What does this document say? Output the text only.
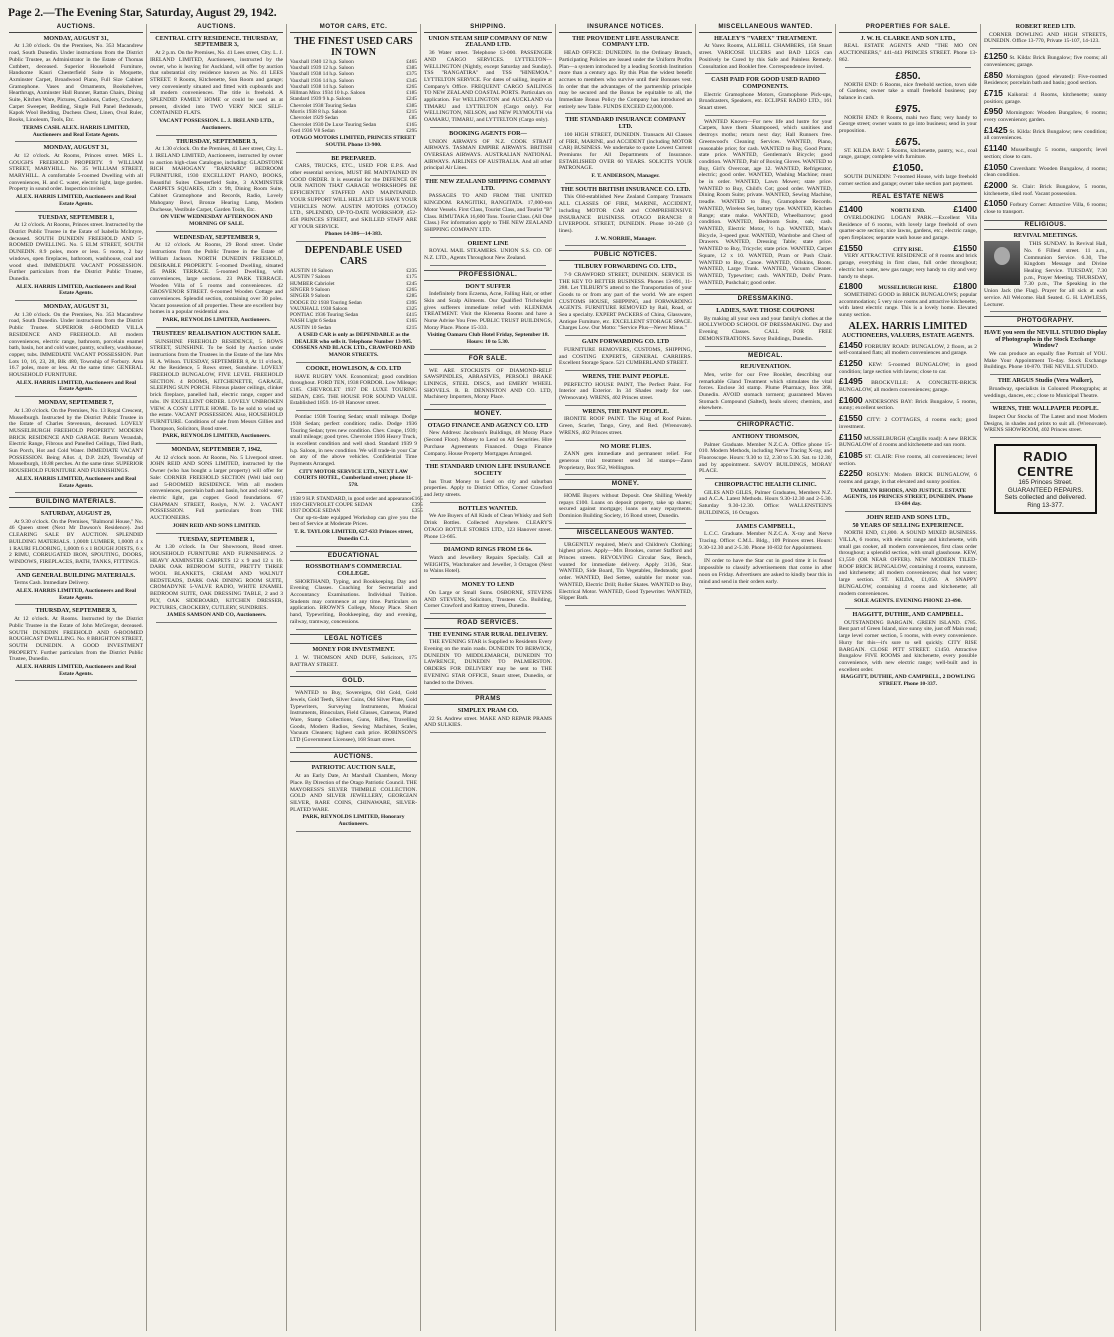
Page 2.—The Evening Star, Saturday, August 29, 1942.
AUCTIONS.
MONDAY, AUGUST 31,
At 1.30 o'clock. On the Premises, No. 353 Macandrew road, South Dunedin. Under instructions from the District Public Trustee, as Administrator in the Estate of Thomas Cuthbert, deceased. Superior Household Furniture, Handsome Kauri Chesterfield Suite in Moquette, Axminster Carpet, Broadwood Piano, Full Size Cabinet Gramophone. Vases and Ornaments, Bookshelves, Hearthrugs, Axminster Hall Runner, Rattan Chairs, Dining Suite, Kitchen Ware, Pictures, Cushions, Cutlery, Crockery, Carpet Sweeper, Bedding, Single Full Panel Bedsteads, Kapok Wool Bedding, Duchess Chest, Linen, Oval Ruler, Books, Linoleum, Tools, Etc.
TERMS CASH. ALEX. HARRIS LIMITED, Auctioneers and Real Estate Agents.
MONDAY, AUGUST 31,
At 12 o'clock. At Rooms, Princes street. MRS L. GOUGH'S FREEHOLD PROPERTY. 9 WILLIAM STREET, MARYHILL. No. 35 WILLIAM STREET, MARYHILL. A comfortable 5-roomed Dwelling with all conveniences, H. and C. water, electric light, large garden. Property in sound order. Inspection invited.
ALEX. HARRIS LIMITED, Auctioneers and Real Estate Agents.
TUESDAY, SEPTEMBER 1,
At 12 o'clock. At Rooms, Princes street. Instructed by the District Public Trustee in the Estate of Isabella McIntyre, deceased. SOUTH DUNEDIN FREEHOLD AND 5-ROOMED DWELLING. No. 5 ELM STREET, SOUTH DUNEDIN. 8.9 poles, more or less. 5 rooms, 2 bay windows, open fireplaces, bathroom, washhouse, coal and wood shed. IMMEDIATE VACANT POSSESSION. Further particulars from the District Public Trustee, Dunedin.
ALEX. HARRIS LIMITED, Auctioneers and Real Estate Agents.
MONDAY, AUGUST 31,
At 1.30 o'clock. On the Premises, No. 353 Macandrew road, South Dunedin. Under instructions from the District Public Trustee. SUPERIOR 4-ROOMED VILLA RESIDENCE AND FREEHOLD. All modern conveniences, electric range, bathroom, porcelain enamel bath, basin, hot and cold water, pantry, scullery, washhouse, copper, tubs. IMMEDIATE VACANT POSSESSION. Part Lots 10, 16, 23, 28, Blk 480, Township of Forbury. Area 16.7 poles, more or less. At the same time: GENERAL HOUSEHOLD FURNITURE.
ALEX. HARRIS LIMITED, Auctioneers and Real Estate Agents.
MONDAY, SEPTEMBER 7,
At 1.30 o'clock. On the Premises, No. 13 Royal Crescent, Musselburgh. Instructed by the District Public Trustee in the Estate of Charles Stevenson, deceased. LOVELY MUSSELBURGH FREEHOLD PROPERTY. MODERN BRICK RESIDENCE AND GARAGE. Return Verandah, Electric Range, Fibrous and Panelled Ceilings, Tiled Bath, Sun Porch, Hot and Cold Water. IMMEDIATE VACANT POSSESSION. Being Allot. 4, D.P. 2429, Township of Musselburgh, 10.88 perches. At the same time: SUPERIOR HOUSEHOLD FURNITURE AND FURNISHINGS.
ALEX. HARRIS LIMITED, Auctioneers and Real Estate Agents.
BUILDING MATERIALS.
SATURDAY, AUGUST 29,
At 9.30 o'clock. On the Premises, "Balmoral House," No. 46 Queen street (Next Mr Dawson's Residence). 2nd CLEARING SALE BY AUCTION. SPLENDID BUILDING MATERIALS. 1,000ft LUMBER, 1,000ft 4 x 1 RAURI FLOORING, 1,000ft 6 x 1 ROUGH JOISTS, 6 x 2 RIMU, CORRUGATED IRON, SPOUTING, DOORS, WINDOWS, FIREPLACES, BATH, TANKS, FITTINGS.
AND GENERAL BUILDING MATERIALS.
Terms Cash. Immediate Delivery.
ALEX. HARRIS LIMITED, Auctioneers and Real Estate Agents.
THURSDAY, SEPTEMBER 3,
At 12 o'clock. At Rooms. Instructed by the District Public Trustee in the Estate of John McGregor, deceased. SOUTH DUNEDIN FREEHOLD AND 6-ROOMED ROUGHCAST DWELLING. No. 8 BRIGHTON STREET, SOUTH DUNEDIN. A GOOD INVESTMENT PROPERTY. Further particulars from the District Public Trustee, Dunedin.
ALEX. HARRIS LIMITED, Auctioneers and Real Estate Agents.
AUCTIONS.
CENTRAL CITY RESIDENCE. THURSDAY, SEPTEMBER 3,
At 2 p.m. On the Premises, No. 41 Lees street, City. L. J. IRELAND LIMITED, Auctioneers, instructed by the owner, who is leaving for Auckland, will offer by auction that substantial city residence known as No. 41 LEES STREET. 8 Rooms, Kitchenette, Sun Room and garage; very conveniently situated and fitted with cupboards and all modern conveniences. The title is freehold. A SPLENDID FAMILY HOME or could be used as at present, divided into TWO VERY NICE SELF-CONTAINED FLATS.
VACANT POSSESSION. L. J. IRELAND LTD., Auctioneers.
THURSDAY, SEPTEMBER 3,
At 1.30 o'clock. On the Premises, 41 Leer street, City. L. J. IRELAND LIMITED, Auctioneers, instructed by owner to auction high-class Catalogue, including: GLADSTONE RICH MAHOGANY "BARNARD" BEDROOM FURNITURE, 1930 EXCELLENT PIANO, BOOKS, Beautiful Suites Chesterfield Suite, 3 AXMINSTER CARPETS SQUARES, 12ft x 9ft, Dining Room Suite, Cabinet Gramophone and Records, Radio, Lovely Mahogany Bowl, Bronze Hearing Lamp, Modern Duchesse, Vestibule Carpet, Garden Tools, Etc.
ON VIEW WEDNESDAY AFTERNOON AND MORNING OF SALE.
WEDNESDAY, SEPTEMBER 9,
At 12 o'clock. At Rooms, 29 Bond street. Under instructions from the Public Trustee in the Estate of William Jackson. NORTH DUNEDIN FREEHOLD, DESIRABLE PROPERTY. 5-roomed Dwelling, situated 45 PARK TERRACE. 5-roomed Dwelling, with conveniences, large sections. 23 PARK TERRACE. Wooden Villa of 5 rooms and conveniences. 42 GROSVENOR STREET. 6-roomed Wooden Cottage and conveniences. Splendid section, containing over 30 poles. Vacant possession of all properties. These are excellent buy homes in a popular residential area.
PARK, REYNOLDS LIMITED, Auctioneers.
TRUSTEES' REALISATION AUCTION SALE.
SUNSHINE FREEHOLD RESIDENCE, 5 ROWS STREET, SUNSHINE. To be Sold by Auction under instructions from the Trustees in the Estate of the late Mrs H. A. Wilson. TUESDAY, SEPTEMBER 8, At 11 o'clock, At the Residence, 5 Rows street, Sunshine. LOVELY FREEHOLD BUNGALOW, FIVE LEVEL FREEHOLD SECTION. 4 ROOMS, KITCHENETTE, GARAGE, SLEEPING SUN PORCH. Fibrous plaster ceilings, clinker brick fireplace, panelled hall, electric range, copper and tubs. IN EXCELLENT ORDER. LOVELY UNBROKEN VIEW. A COSY LITTLE HOME. To be sold to wind up the estate. VACANT POSSESSION. Also, HOUSEHOLD FURNITURE. Conditions of sale from Messrs Gillies and Thompson, Solicitors, Bond street.
PARK, REYNOLDS LIMITED, Auctioneers.
MONDAY, SEPTEMBER 7, 1942,
At 12 o'clock noon. At Rooms, No. 5 Liverpool street. JOHN REID AND SONS LIMITED, instructed by the Owner (who has bought a larger property) will offer for Sale: CORNER FREEHOLD SECTION (Well laid out) and 5-ROOMED RESIDENCE. With all modern conveniences, porcelain bath and basin, hot and cold water, electric light, gas copper. Good foundations. 67 CHAPMAN STREET, Roslyn, N.W. 2. VACANT POSSESSION. Full particulars from THE AUCTIONEERS.
JOHN REID AND SONS LIMITED.
TUESDAY, SEPTEMBER 1,
At 1.30 o'clock. In Our Showroom, Bond street. HOUSEHOLD FURNITURE AND FURNISHINGS. 2 HEAVY AXMINSTER CARPETS 12 x 9 and 12 x 10. DARK OAK BEDROOM SUITE, PRETTY THREE WOOL BLANKETS, CREAM AND WALNUT BEDSTEADS, DARK OAK DINING ROOM SUITE, CROMADYNE 5-VALVE RADIO, WHITE ENAMEL BEDROOM SUITE, OAK DRESSING TABLE, 2 and 3 PLY, OAK SIDEBOARD, KITCHEN DRESSER, PICTURES, CROCKERY, CUTLERY, SUNDRIES.
JAMES SAMSON AND CO, Auctioneers.
MOTOR CARS, ETC.
THE FINEST USED CARS IN TOWN
Vauxhall 1940 12 h.p. Saloon	£465
Vauxhall 1939 12 h.p. Saloon	£385
Vauxhall 1938 14 h.p. Saloon	£375
Vauxhall 1936 14 h.p. Saloon	£345
Vauxhall 1938 14 h.p. Saloon	£265
Hillman Minx 1934 10 h.p. Saloon	£185
Standard 1939 9 h.p. Saloon	£245
Chevrolet 1938 Touring Sedan	£385
Morris 1938 8 h.p. Saloon	£215
Chevrolet 1929 Sedan	£85
Chevrolet 1930 De Luxe Touring Sedan	£165
Ford 1936 V8 Sedan	£295
OTAGO MOTORS LIMITED, PRINCES STREET SOUTH. Phone 13-900.
BE PREPARED.
CARS, TRUCKS, ETC., USED FOR E.P.S. And other essential services, MUST BE MAINTAINED IN GOOD ORDER. It is essential for the DEFENCE OF OUR NATION THAT GARAGE WORKSHOPS BE EFFICIENTLY STAFFED AND MAINTAINED. YOUR SUPPORT WILL HELP. LET US HAVE YOUR VEHICLES NOW. AUSTIN MOTORS (OTAGO) LTD., SPLENDID, UP-TO-DATE WORKSHOP, 452-458 PRINCES STREET, and SKILLED STAFF ARE AT YOUR SERVICE.
Phones 14-386—14-383.
DEPENDABLE USED CARS
AUSTIN 10 Saloon	£235
AUSTIN 7 Saloon	£175
HUMBER Cabriolet	£245
SINGER 9 Saloon	£265
SINGER 9 Saloon	£285
DODGE D2 1938 Touring Sedan	£395
VAUXHALL 1938 Saloon	£325
PONTIAC 1936 Touring Sedan	£415
NASH Light 6 Sedan	£165
AUSTIN 10 Sedan	£215
A USED CAR is only as DEPENDABLE as the DEALER who sells it. Telephone Number 13-905. COSSENS AND BLACK LTD., CRAWFORD AND MANOR STREETS.
COOKE, HOWLISON, & CO. LTD
HAVE RUGBY VAN. Economical; good condition throughout. FORD TEN, 1938 FORDOR. Low Mileage; £185. CHEVROLET 1937 DE LUXE TOURING SEDAN, £385. THE HOUSE FOR SOUND VALUE. Established 1859. 16-18 Hanover street.
Pontiac 1938 Touring Sedan; small mileage. Dodge 1938 Sedan; perfect condition; radio. Dodge 1936 Touring Sedan; tyres new condition. Chev. Coupe, 1939; small mileage; good tyres. Chevrolet 1936 Heavy Truck, in excellent condition and well shod. Standard 1939 9 h.p. Saloon, in new condition. We will trade-in your Car on any of the above vehicles. Confidential Time Payments Arranged.
CITY MOTOR SERVICE LTD., NEXT LAW COURTS HOTEL, Cumberland street; phone 11-578.
1938 9 H.P. STANDARD, in good order and appearance	£165
1939 CHEVROLET COUPE SEDAN	£395
1937 DODGE SEDAN	£355
Our up-to-date equipped Workshop can give you the best of Service at Moderate Prices.
T. R. TAYLOR LIMITED, 627-633 Princes street, Dunedin C.1.
EDUCATIONAL
ROSSBOTHAM'S COMMERCIAL COLLEGE.
SHORTHAND, Typing, and Bookkeeping. Day and Evening Classes. Coaching for Secretarial and Accountancy Examinations. Individual Tuition. Students may commence at any time. Particulars on application. BROWN'S College, Moray Place. Short hand, Typewriting, Bookkeeping, day and evening, railway, tramway, concessions.
LEGAL NOTICES
MONEY FOR INVESTMENT.
J. W. THOMSON AND DUFF, Solicitors, 175 RATTRAY STREET.
GOLD.
WANTED to Buy, Sovereigns, Old Gold, Gold Jewels, Gold Teeth, Silver Coins, Old Silver Plate, Gold Typewriters, Surveying Instruments, Musical Instruments, Binoculars, Field Glasses, Cameras, Plated Ware, Stamp Collections, Guns, Rifles, Travelling Goods, Modern Radios, Sewing Machines, Scales, Vacuum Cleaners; highest cash price. ROBINSON'S LTD (Government Licensee), 168 Stuart street.
AUCTIONS.
PATRIOTIC AUCTION SALE,
At an Early Date, At Marshall Chambers, Moray Place. By Direction of the Otago Patriotic Council. THE MAYORESS'S SILVER THIMBLE COLLECTION. GOLD AND SILVER JEWELLERY, GEORGIAN SILVER, RARE COINS, CHINAWARE, SILVER-PLATED WARE.
PARK, REYNOLDS LIMITED, Honorary Auctioneers.
SHIPPING.
UNION STEAM SHIP COMPANY OF NEW ZEALAND LTD.
36 Water street. Telephone 13-000. PASSENGER AND CARGO SERVICES. LYTTELTON—WELLINGTON (Nightly, except Saturday and Sunday). TSS "RANGATIRA" and TSS "HINEMOA." LYTTELTON SERVICE. For dates of sailing, inquire at Company's Office. FREQUENT CARGO SAILINGS TO NEW ZEALAND COASTAL PORTS. Particulars on application. For WELLINGTON and AUCKLAND via TIMARU and LYTTELTON (Cargo only). For WELLINGTON, NELSON, and NEW PLYMOUTH via OAMARU, TIMARU, and LYTTELTON (Cargo only).
BOOKING AGENTS FOR—
UNION AIRWAYS OF N.Z. COOK STRAIT AIRWAYS. TASMAN EMPIRE AIRWAYS. BRITISH OVERSEAS AIRWAYS. AUSTRALIAN NATIONAL AIRWAYS. AIRLINES OF AUSTRALIA. And all other principal Air Lines.
THE NEW ZEALAND SHIPPING COMPANY LTD.
PASSAGES TO AND FROM THE UNITED KINGDOM. RANGITIKI, RANGITATA. 17,000-ton Motor Vessels. First Class, Tourist Class, and Tourist "B" Class. RIMUTAKA 16,600 Tons. Tourist Class. (All One Class.) For information apply to THE NEW ZEALAND SHIPPING COMPANY LTD.
ORIENT LINE
ROYAL MAIL STEAMERS. UNION S.S. CO. OF N.Z. LTD., Agents Throughout New Zealand.
PROFESSIONAL.
DON'T SUFFER
Indefinitely from Eczema, Acne, Falling Hair, or other Skin and Scalp Ailments. Our Qualified Trichologist gives sufferers immediate relief with KLENEMA TREATMENT. Visit the Klenema Rooms and have a Nurse Advise You Free. PUBLIC TRUST BUILDINGS, Moray Place. Phone 15-333.
Visiting Oamaru Club Hotel Friday, September 18. Hours: 10 to 5.30.
FOR SALE.
WE ARE STOCKISTS OF DIAMOND-RELF SAWSPINDLES, ABRASIVES, PERSOLI BRAKE LININGS, STEEL DISCS, and EMERY WHEEL SHOVELS. R. B. DENNISTON AND CO. LTD, Machinery Importers, Moray Place.
MONEY.
OTAGO FINANCE AND AGENCY CO. LTD
New Address: Jacobson's Buildings, 48 Moray Place (Second Floor). Money to Lend on All Securities. Hire Purchase Agreements Financed. Otago Finance Company. House Property Mortgages Arranged.
THE STANDARD UNION LIFE INSURANCE SOCIETY
has Trust Money to Lend on city and suburban properties. Apply to District Office, Corner Crawford and Jetty streets.
BOTTLES WANTED.
We Are Buyers of All Kinds of Clean Whisky and Soft Drink Bottles. Collected Anywhere. CLEARY'S OTAGO BOTTLE STORES LTD., 123 Hanover street. Phone 13-665.
DIAMOND RINGS FROM £6 6s.
Watch and Jewellery Repairs Specially. Call at WEIGHTS, Watchmaker and Jeweller, 3 Octagon (Next to Wains Hotel).
MONEY TO LEND
On Large or Small Sums. OSBORNE, STEVENS AND STEVENS, Solicitors, Trustees Co. Building, Corner Crawford and Rattray streets, Dunedin.
ROAD SERVICES.
THE EVENING STAR RURAL DELIVERY.
THE EVENING STAR is Supplied to Residents Every Evening on the main roads. DUNEDIN TO BERWICK, DUNEDIN TO MIDDLEMARCH, DUNEDIN TO LAWRENCE, DUNEDIN TO PALMERSTON. ORDERS FOR DELIVERY may be sent to THE EVENING STAR OFFICE, Stuart street, Dunedin, or handed to the Drivers.
PRAMS
SIMPLEX PRAM CO.
22 St. Andrew street. MAKE AND REPAIR PRAMS AND SULKIES.
INSURANCE NOTICES.
THE PROVIDENT LIFE ASSURANCE COMPANY LTD.
HEAD OFFICE: DUNEDIN. In the Ordinary Branch, Participating Policies are issued under the Uniform Profits Plan—a system introduced by a leading Scottish Institution more than a century ago. By this Plan the widest benefit accrues to members who survive until their Bonuses vest. In order that the advantages of the partnership principle may be secured and the Bonus be equitable to all, the Immediate Bonus Policy the Company has introduced an entirely new Table. FUNDS EXCEED £2,000,000.
THE STANDARD INSURANCE COMPANY LTD.
100 HIGH STREET, DUNEDIN. Transacts All Classes of FIRE, MARINE, and ACCIDENT (including MOTOR CAR) BUSINESS. We undertake to quote Lowest Current Premiums for All Departments of Insurance. ESTABLISHED OVER 60 YEARS. SOLICITS YOUR PATRONAGE.
F. T. ANDERSON, Manager.
THE SOUTH BRITISH INSURANCE CO. LTD.
This Old-established New Zealand Company Transacts ALL CLASSES OF FIRE, MARINE, ACCIDENT, including MOTOR CAR and COMPREHENSIVE INSURANCE BUSINESS. OTAGO BRANCH: 8 LIVERPOOL STREET, DUNEDIN. Phone 10-240 (3 lines).
J. W. NORRIE, Manager.
PUBLIC NOTICES.
TILBURY FORWARDING CO. LTD.,
7-9 CRAWFORD STREET, DUNEDIN. SERVICE IS THE KEY TO BETTER BUSINESS. Phones 13-891, 11-288. Let TILBURY'S attend to the Transportation of your Goods to or from any part of the world. We are expert CUSTOMS HOUSE, SHIPPING, and FORWARDING AGENTS. FURNITURE REMOVED by Rail, Road, or Sea a specialty. EXPERT PACKERS of China, Glassware, Antique Furniture, etc. EXCELLENT STORAGE SPACE. Charges Low. Our Motto: "Service Plus—Never Minus."
GAIN FORWARDING CO. LTD
FURNITURE REMOVERS, CUSTOMS, SHIPPING, and COSTING EXPERTS, GENERAL CARRIERS. Excellent Storage Space. 521 CUMBERLAND STREET.
WRENS, THE PAINT PEOPLE.
PERFECTO HOUSE PAINT, The Perfect Paint. For Interior and Exterior. In 34 Shades ready for use. (Wrenovate). WRENS, 402 Princes street.
WRENS, THE PAINT PEOPLE.
IRONITE ROOF PAINT. The King of Roof Paints. Green, Scarlet, Tango, Grey, and Red. (Wrenovate). WRENS, 402 Princes street.
NO MORE FLIES.
ZANN gets immediate and permanent relief. For generous trial treatment send 3d stamps—Zann Proprietary, Box 952, Wellington.
MONEY.
HOME Buyers without Deposit. One Shilling Weekly repays £100. Loans on deposit property, take up shares; secured against mortgage; loans on easy repayments. Dominion Building Society, 16 Bond street, Dunedin.
MISCELLANEOUS WANTED.
URGENTLY required, Men's and Children's Clothing; highest prices. Apply—Mrs Brookes, corner Stafford and Princes streets. REVOLVING Circular Saw, Bench, wanted for immediate delivery. Apply 3136, Star. WANTED, Side Board, Tin Vegetables, Bedsteads; good order. WANTED, Bed Settee, suitable for motor van. WANTED, Electric Drill; Roller Skates. WANTED to Buy, Electrical Motor. WANTED, Good Typewriter. WANTED, Slipper Bath.
MISCELLANEOUS WANTED.
HEALEY'S "VAREX" TREATMENT.
At Varex Rooms, ALLBELL CHAMBERS, 158 Stuart street. VARICOSE ULCERS and BAD LEGS can Positively be Cured by this Safe and Painless Remedy. Consultation and Booklet free. Correspondence invited.
CASH PAID FOR GOOD USED RADIO COMPONENTS.
Electric Gramophone Motors, Gramophone Pick-ups, Broadcasters, Speakers, etc. ECLIPSE RADIO LTD., 161 Stuart street.
WANTED Known—For new life and lustre for your Carpets, have them Shampooed, which sanitises and destroys moths; return next day; Hall Runners free. Greenwood's Cleaning Services. WANTED, Piano, reasonable price; for cash. WANTED to Buy, Good Pram; state price. WANTED, Gentleman's Bicycle; good condition. WANTED, Pair of Boxing Gloves. WANTED to Buy, Girl's Overcoat, age 12. WANTED, Refrigerator, electric; good order. WANTED, Washing Machine; must be in order. WANTED, Lawn Mower; state price. WANTED to Buy, Child's Cot; good order. WANTED, Dining Room Suite; private. WANTED, Sewing Machine, treadle. WANTED to Buy, Gramophone Records. WANTED, Wireless Set, battery type. WANTED, Kitchen Range; state make. WANTED, Wheelbarrow; good condition. WANTED, Bedroom Suite, oak; cash. WANTED, Electric Motor, ½ h.p. WANTED, Man's Bicycle, 3-speed gear. WANTED, Wardrobe and Chest of Drawers. WANTED, Dressing Table; state price. WANTED to Buy, Tricycle; state price. WANTED, Carpet Square, 12 x 10. WANTED, Pram or Push Chair. WANTED to Buy, Canoe. WANTED, Oilskins, Boots. WANTED, Large Trunk. WANTED, Vacuum Cleaner. WANTED, Typewriter; cash. WANTED, Dolls' Pram. WANTED, Pushchair; good order.
DRESSMAKING.
LADIES, SAVE THOSE COUPONS!
By making all your own and your family's clothes at the HOLLYWOOD SCHOOL OF DRESSMAKING. Day and Evening Classes. CALL FOR FREE DEMONSTRATIONS. Savoy Buildings, Dunedin.
MEDICAL.
REJUVENATION.
Men, write for our Free Booklet, describing our remarkable Gland Treatment which stimulates the vital forces. Enclose 3d stamp. Plume Pharmacy, Box 368, Dunedin. AVOID stomach torment; guaranteed Maven Stomach Compound (Salted), heals ulcers; chemists, and elsewhere.
CHIROPRACTIC.
ANTHONY THOMSON,
Palmer Graduate. Member N.Z.C.A. Office phone 15-010. Modern Methods, including Nerve Tracing X-ray, and Fluoroscope. Hours: 9.30 to 12, 2.30 to 5.30. Sat. to 12.30, and by appointment. SAVOY BUILDINGS, MORAY PLACE.
CHIROPRACTIC HEALTH CLINIC.
GILES AND GILES, Palmer Graduates, Members N.Z. and A.C.A. Latest Methods. Hours 9.30-12.30 and 2-5.30. Saturday 9.30-12.30. Office: WALLENSTEIN'S BUILDINGS, 16 Octagon.
JAMES CAMPBELL,
L.C.C. Graduate. Member N.Z.C.A. X-ray and Nerve Tracing. Office: C.M.L. Bldg., 109 Princes street. Hours: 9.30-12.30 and 2-5.30. Phone 10-832 for Appointment.
IN order to have the Star cut in good time it is found impossible to classify advertisements that come in after noon on Friday. Advertisers are asked to kindly bear this in mind and send in their orders early.
PROPERTIES FOR SALE.
J. W. H. CLARKE AND SON LTD.,
REAL ESTATE AGENTS AND "THE MO ON AUCTIONEERS," 441-443 PRINCES STREET. Phone 13-862.
£850.
NORTH END: 6 Rooms, nice freehold section, town side of Gardens; owner take a small freehold business; pay balance in cash.
£975.
NORTH END: 8 Rooms, mahi two flats; very handy to George street; owner wants to go into business; send in your proposition.
£675.
ST. KILDA BAY: 5 Rooms, kitchenette, pantry, w.c., coal range, garage; complete with furniture.
£1050.
SOUTH DUNEDIN: 7-roomed House, with large freehold corner section and garage; owner take section part payment.
REAL ESTATE NEWS
£1400	NORTH END.	£1400
OVERLOOKING LOGAN PARK.—Excellent Villa Residence of 6 rooms, with lovely large freehold of own quarter-acre section; nice lawns, gardens, etc.; electric range, open fireplaces; separate wash house and garage.
£1550	CITY RISE.	£1550
VERY ATTRACTIVE RESIDENCE of 8 rooms and brick garage, everything in first class, full order throughout; electric hot water, new gas range; very handy to city and very handy to shops.
£1800	MUSSELBURGH RISE. £1800
SOMETHING GOOD in BRICK BUNGALOWS; popular accommodation; 5 very nice rooms and attractive kitchenette, with latest electric range. This is a lovely home. Elevated sunny section.
ALEX. HARRIS LIMITED
AUCTIONEERS, VALUERS, ESTATE AGENTS.
£1450 FORBURY ROAD: BUNGALOW, 2 floors, as 2 self-contained flats; all modern conveniences and garage.
£1250 KEW: 5-roomed BUNGALOW; in good condition; large section with lawns; close to car.
£1495 BROCKVILLE: A CONCRETE-BRICK BUNGALOW, all modern conveniences; garage.
£1600 ANDERSONS BAY: Brick Bungalow, 5 rooms, sunny; excellent section.
£1550 CITY: 2 COTTAGES, 4 rooms each; good investment.
£1150 MUSSELBURGH (Cargills road): A new BRICK BUNGALOW of 4 rooms and kitchenette and sun room.
£1085 ST. CLAIR: Five rooms, all conveniences; level section.
£2250 ROSLYN: Modern BRICK BUNGALOW, 6 rooms and garage, in that elevated and sunny position.
TAMBLYN RHODES, AND JUSTICE. ESTATE AGENTS, 116 PRINCES STREET, DUNEDIN. Phone 13-684 day.
JOHN REID AND SONS LTD.,
50 YEARS OF SELLING EXPERIENCE.
NORTH END, £1,800. A SOUND MIXED BUSINESS. VILLA, 6 rooms, with electric range and kitchenette, with small gas cooker, all modern conveniences, first class order throughout; a splendid section, with small glasshouse. KEW, £1,550 (OR NEAR OFFER). NEW MODERN TILED-ROOF BRICK BUNGALOW, containing 4 rooms, sunroom, and kitchenette; all modern conveniences; dual hot water; large section. ST. KILDA, £1,050. A SNAPPY BUNGALOW, containing 4 rooms and kitchenette; all modern conveniences.
SOLE AGENTS. EVENING PHONE 23-490.
HAGGITT, DUTHIE, AND CAMPBELL.
OUTSTANDING BARGAIN. GREEN ISLAND. £785. Best part of Green Island, nice sunny site, just off Main road; large level corner section, 5 rooms, with every convenience. Hurry for this—it's sure to sell quickly. CITY RISE BARGAIN. CLOSE PITT STREET. £1450. Attractive Bungalow FIVE ROOMS and kitchenette, every possible convenience, with new electric range; well-built and in excellent order.
HAGGITT, DUTHIE, AND CAMPBELL, 2 DOWLING STREET. Phone 10-337.
ROBERT REED LTD.
CORNER DOWLING AND HIGH STREETS, DUNEDIN. Office 13-770, Private 15-107, 14-123.
£1250 St. Kilda: Brick Bungalow; five rooms; all conveniences; garage.
£850 Mornington (good elevated): Five-roomed Residence; porcelain bath and basin; good section.
£715 Kaikorai: 4 Rooms, kitchenette; sunny position; garage.
£950 Mornington: Wooden Bungalow, 6 rooms; every convenience; garden.
£1425 St. Kilda: Brick Bungalow; new condition; all conveniences.
£1140 Musselburgh: 5 rooms, sunporch; level section; close to cars.
£1050 Caversham: Wooden Bungalow, 4 rooms; clean condition.
£2000 St. Clair: Brick Bungalow, 5 rooms, kitchenette, tiled roof. Vacant possession.
£1050 Forbury Corner: Attractive Villa, 6 rooms; close to transport.
RELIGIOUS.
REVIVAL MEETINGS.
THIS SUNDAY. In Revival Hall, No. 6 Filleul street. 11 a.m., Communion Service. 6.30, The Kingdom Message and Divine Healing Service. TUESDAY, 7.30 p.m., Prayer Meeting. THURSDAY, 7.30 p.m., The Speaking in the Union Jack (the Flag). Prayer for all sick at each service. All Welcome. Hall Seated. G. H. LAWLESS, Lecturer.
PHOTOGRAPHY.
HAVE you seen the NEVILL STUDIO Display of Photographs in the Stock Exchange Window?
We can produce an equally fine Portrait of YOU. Make Your Appointment To-day. Stock Exchange Buildings. Phone 10-870. THE NEVILL STUDIO.
THE ARGUS Studio (Vera Walker),
Broadway, specialists in Coloured Photographs; at weddings, dances, etc.; close to Municipal Theatre.
WRENS, THE WALLPAPER PEOPLE.
Inspect Our Stocks of The Latest and most Modern Designs, in shades and prints to suit all. (Wrenovate). WRENS SHOWROOM, 402 Princes street.
RADIO CENTRE
165 Princes Street.
GUARANTEED REPAIRS.
Sets collected and delivered.
Ring 13-377.
